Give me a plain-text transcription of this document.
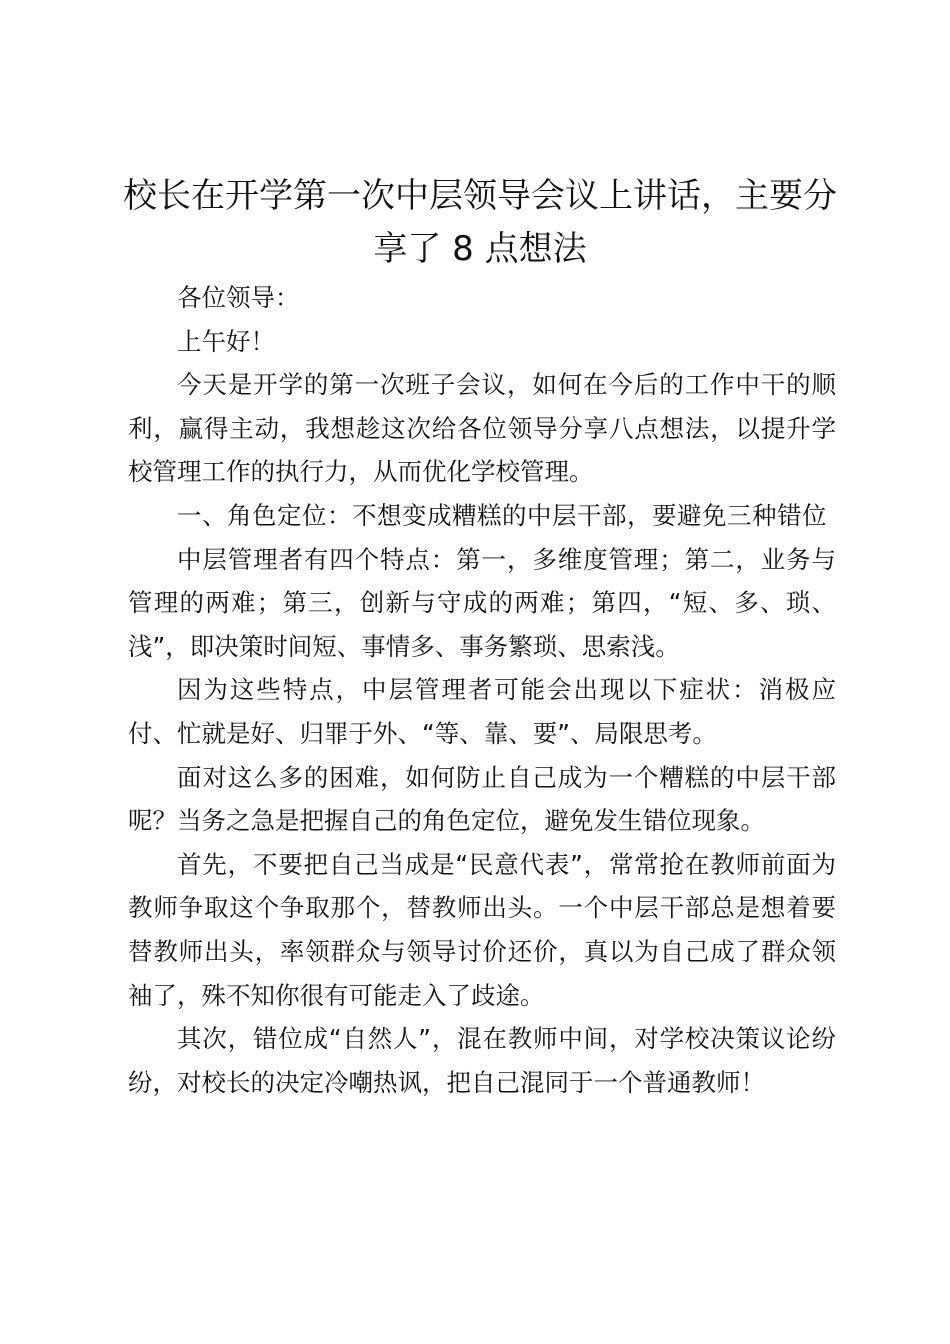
校长在开学第一次中层领导会议上讲话，主要分享了 8 点想法

各位领导：

上午好！

今天是开学的第一次班子会议，如何在今后的工作中干的顺利，赢得主动，我想趁这次给各位领导分享八点想法，以提升学校管理工作的执行力，从而优化学校管理。

一、角色定位：不想变成糟糕的中层干部，要避免三种错位

中层管理者有四个特点：第一，多维度管理；第二，业务与管理的两难；第三，创新与守成的两难；第四，“短、多、琐、浅”，即决策时间短、事情多、事务繁琐、思索浅。

因为这些特点，中层管理者可能会出现以下症状：消极应付、忙就是好、归罪于外、“等、靠、要”、局限思考。

面对这么多的困难，如何防止自己成为一个糟糕的中层干部呢？当务之急是把握自己的角色定位，避免发生错位现象。

首先，不要把自己当成是“民意代表”，常常抢在教师前面为教师争取这个争取那个，替教师出头。一个中层干部总是想着要替教师出头，率领群众与领导讨价还价，真以为自己成了群众领袖了，殊不知你很有可能走入了歧途。

其次，错位成“自然人”，混在教师中间，对学校决策议论纷纷，对校长的决定冷嘲热讽，把自己混同于一个普通教师！
